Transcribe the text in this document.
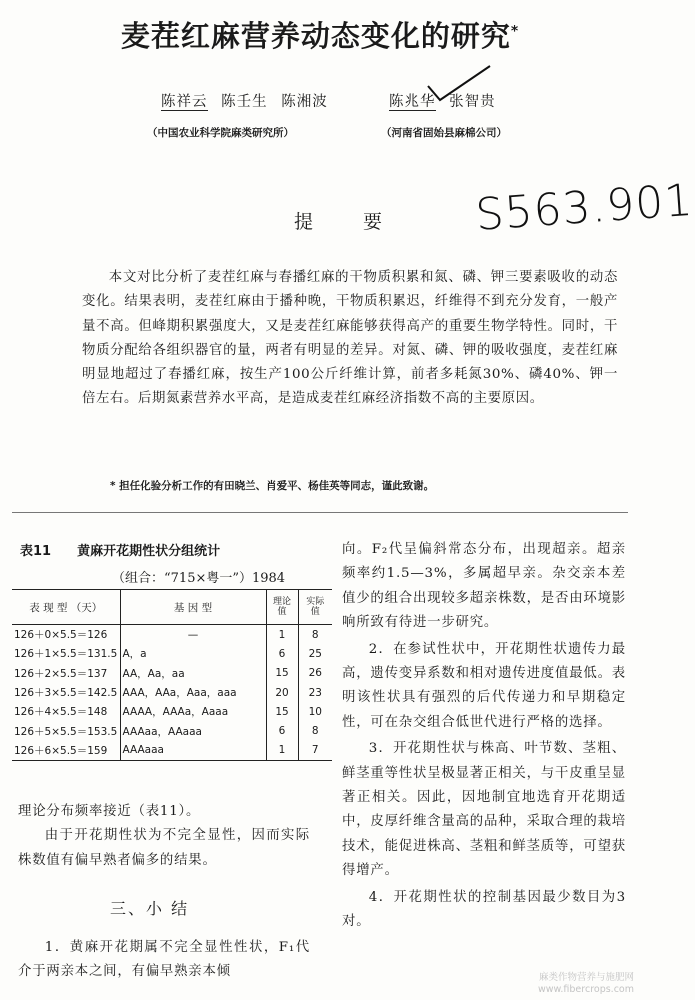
麦茬红麻营养动态变化的研究*
陈祥云 陈壬生 陈湘波	陈兆华 张智贵
（中国农业科学院麻类研究所）	（河南省固始县麻棉公司）
S563.901
提 要

本文对比分析了麦茬红麻与春播红麻的干物质积累和氮、磷、钾三要素吸收的动态变化。结果表明，麦茬红麻由于播种晚，干物质积累迟，纤维得不到充分发育，一般产量不高。但峰期积累强度大，又是麦茬红麻能够获得高产的重要生物学特性。同时，干物质分配给各组织器官的量，两者有明显的差异。对氮、磷、钾的吸收强度，麦茬红麻明显地超过了春播红麻，按生产100公斤纤维计算，前者多耗氮30%、磷40%、钾一倍左右。后期氮素营养水平高，是造成麦茬红麻经济指数不高的主要原因。

* 担任化验分析工作的有田晓兰、肖爱平、杨佳英等同志，谨此致谢。
表11　　黄麻开花期性状分组统计
（组合：“715×粤一”）1984
表 现 型 （天）	基 因 型	理论值	实际值
126＋0×5.5＝126	—	1	8
126＋1×5.5＝131.5	A，a	6	25
126＋2×5.5＝137	AA，Aa，aa	15	26
126＋3×5.5＝142.5	AAA，AAa，Aaa，aaa	20	23
126＋4×5.5＝148	AAAA，AAAa，Aaaa	15	10
126＋5×5.5＝153.5	AAAaa，AAaaa	6	8
126＋6×5.5＝159	AAAaaa	1	7

理论分布频率接近（表11）。

由于开花期性状为不完全显性，因而实际株数值有偏早熟者偏多的结果。

三、小 结

1．黄麻开花期属不完全显性性状，F₁代介于两亲本之间，有偏早熟亲本倾

向。F₂代呈偏斜常态分布，出现超亲。超亲频率约1.5—3%，多属超早亲。杂交亲本差值少的组合出现较多超亲株数，是否由环境影响所致有待进一步研究。

2．在参试性状中，开花期性状遗传力最高，遗传变异系数和相对遗传进度值最低。表明该性状具有强烈的后代传递力和早期稳定性，可在杂交组合低世代进行严格的选择。

3．开花期性状与株高、叶节数、茎粗、鲜茎重等性状呈极显著正相关，与干皮重呈显著正相关。因此，因地制宜地选育开花期适中，皮厚纤维含量高的品种，采取合理的栽培技术，能促进株高、茎粗和鲜茎质等，可望获得增产。

4．开花期性状的控制基因最少数目为3对。

麻类作物营养与施肥网
www.fibercrops.com
